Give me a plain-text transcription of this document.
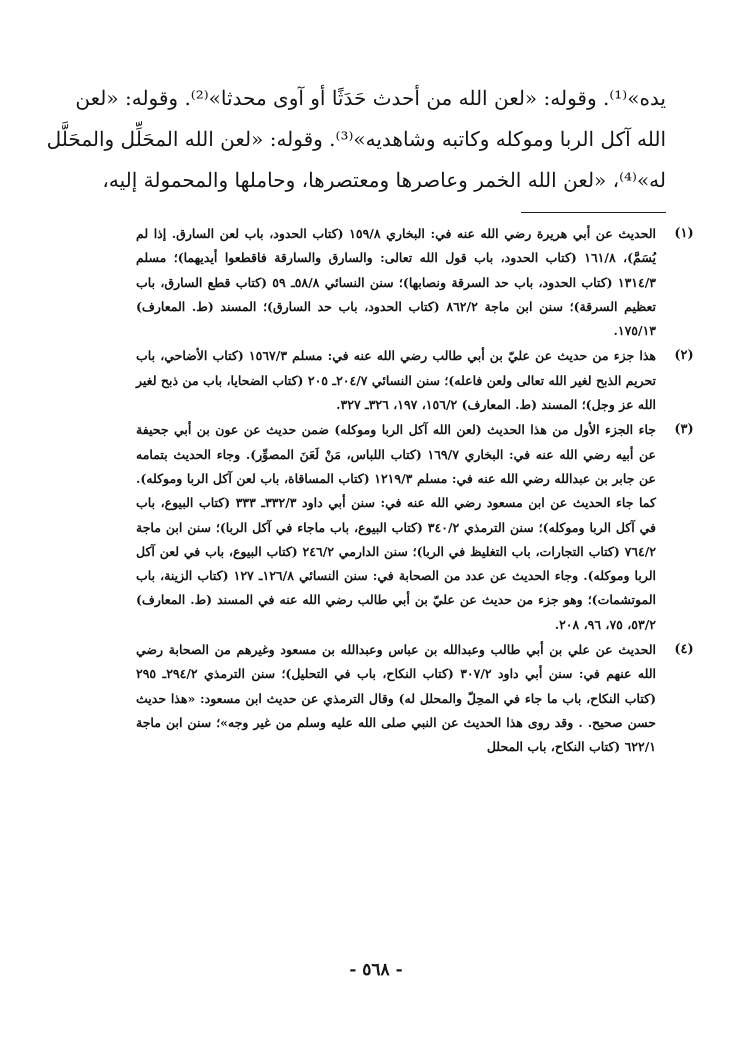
يده»⁽¹⁾. وقوله: «لعن الله من أحدث حَدَثًا أو آوى محدثا»⁽²⁾. وقوله: «لعن
الله آكل الربا وموكله وكاتبه وشاهديه»⁽³⁾. وقوله: «لعن الله المحَلِّل والمحَلَّل
له»⁽⁴⁾، «لعن الله الخمر وعاصرها ومعتصرها، وحاملها والمحمولة إليه،
(١)
الحديث عن أبي هريرة رضي الله عنه في: البخاري ١٥٩/٨ (كتاب الحدود، باب لعن السارق. إذا لم يُسَمَّ)، ١٦١/٨ (كتاب الحدود، باب قول الله تعالى: والسارق والسارقة فاقطعوا أيديهما)؛ مسلم ١٣١٤/٣ (كتاب الحدود، باب حد السرقة ونصابها)؛ سنن النسائي ٥٨/٨ـ ٥٩ (كتاب قطع السارق، باب تعظيم السرقة)؛ سنن ابن ماجة ٨٦٢/٢ (كتاب الحدود، باب حد السارق)؛ المسند (ط. المعارف) ١٧٥/١٣.
(٢)
هذا جزء من حديث عن عليّ بن أبي طالب رضي الله عنه في: مسلم ١٥٦٧/٣ (كتاب الأضاحي، باب تحريم الذبح لغير الله تعالى ولعن فاعله)؛ سنن النسائي ٢٠٤/٧ـ ٢٠٥ (كتاب الضحايا، باب من ذبح لغير الله عز وجل)؛ المسند (ط. المعارف) ١٥٦/٢، ١٩٧، ٣٢٦ـ ٣٢٧.
(٣)
جاء الجزء الأول من هذا الحديث (لعن الله آكل الربا وموكله) ضمن حديث عن عون بن أبي جحيفة عن أبيه رضي الله عنه في: البخاري ١٦٩/٧ (كتاب اللباس، مَنْ لَعَنَ المصوِّر). وجاء الحديث بتمامه عن جابر بن عبدالله رضي الله عنه في: مسلم ١٢١٩/٣ (كتاب المساقاة، باب لعن آكل الربا وموكله). كما جاء الحديث عن ابن مسعود رضي الله عنه في: سنن أبي داود ٣٣٢/٣ـ ٣٣٣ (كتاب البيوع، باب في آكل الربا وموكله)؛ سنن الترمذي ٣٤٠/٢ (كتاب البيوع، باب ماجاء في آكل الربا)؛ سنن ابن ماجة ٧٦٤/٢ (كتاب التجارات، باب التغليظ في الربا)؛ سنن الدارمي ٢٤٦/٢ (كتاب البيوع، باب في لعن آكل الربا وموكله). وجاء الحديث عن عدد من الصحابة في: سنن النسائي ١٢٦/٨ـ ١٢٧ (كتاب الزينة، باب الموتشمات)؛ وهو جزء من حديث عن عليّ بن أبي طالب رضي الله عنه في المسند (ط. المعارف) ٥٣/٢، ٧٥، ٩٦، ٢٠٨.
(٤)
الحديث عن علي بن أبي طالب وعبدالله بن عباس وعبدالله بن مسعود وغيرهم من الصحابة رضي الله عنهم في: سنن أبي داود ٣٠٧/٢ (كتاب النكاح، باب في التحليل)؛ سنن الترمذي ٢٩٤/٢ـ ٢٩٥ (كتاب النكاح، باب ما جاء في المحِلّ والمحلل له) وقال الترمذي عن حديث ابن مسعود: «هذا حديث حسن صحيح. . وقد روى هذا الحديث عن النبي صلى الله عليه وسلم من غير وجه»؛ سنن ابن ماجة ٦٢٢/١ (كتاب النكاح، باب المحلل
- ٥٦٨ -
